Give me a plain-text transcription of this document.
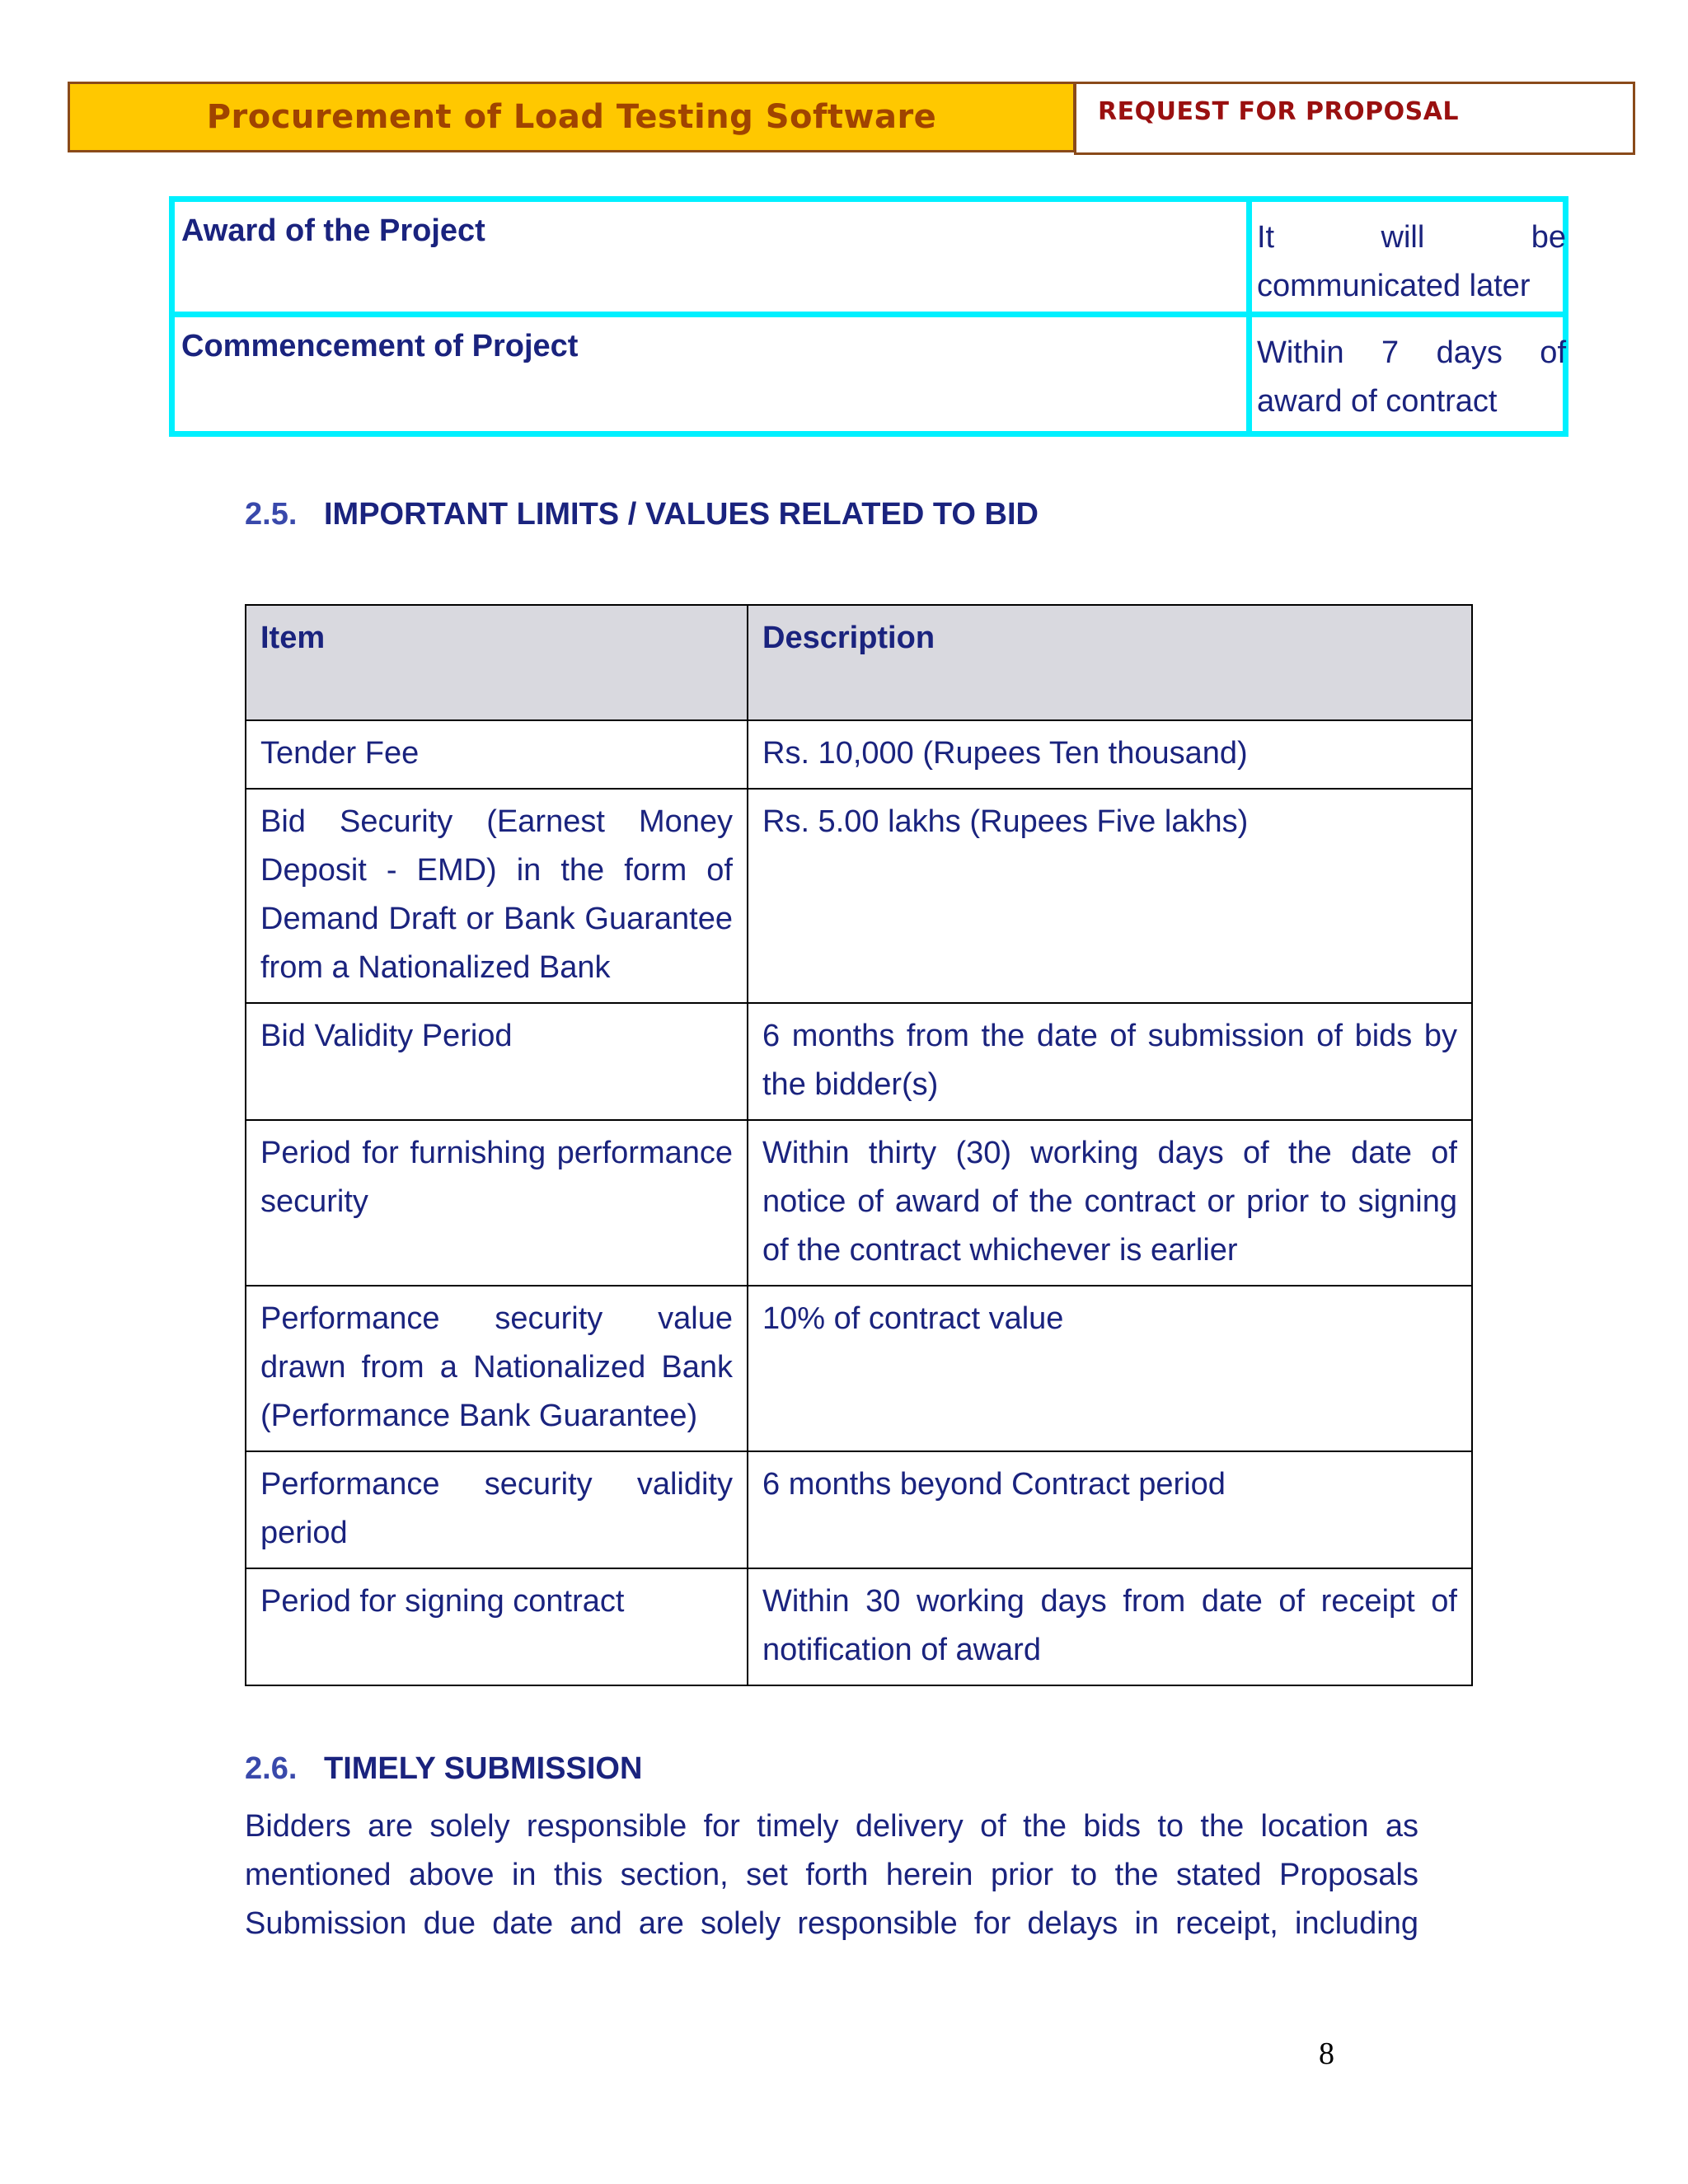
Procurement of Load Testing Software	REQUEST FOR PROPOSAL
Award of the Project	It will be communicated later
Commencement of Project	Within 7 days of award of contract
2.5. IMPORTANT LIMITS / VALUES RELATED TO BID
Item	Description
Tender Fee	Rs. 10,000 (Rupees Ten thousand)
Bid Security (Earnest Money Deposit - EMD) in the form of Demand Draft or Bank Guarantee from a Nationalized Bank	Rs. 5.00 lakhs (Rupees Five lakhs)
Bid Validity Period	6 months from the date of submission of bids by the bidder(s)
Period for furnishing performance security	Within thirty (30) working days of the date of notice of award of the contract or prior to signing of the contract whichever is earlier
Performance security value drawn from a Nationalized Bank (Performance Bank Guarantee)	10% of contract value
Performance security validity period	6 months beyond Contract period
Period for signing contract	Within 30 working days from date of receipt of notification of award
2.6. TIMELY SUBMISSION

Bidders are solely responsible for timely delivery of the bids to the location as mentioned above in this section, set forth herein prior to the stated Proposals Submission due date and are solely responsible for delays in receipt, including

8
